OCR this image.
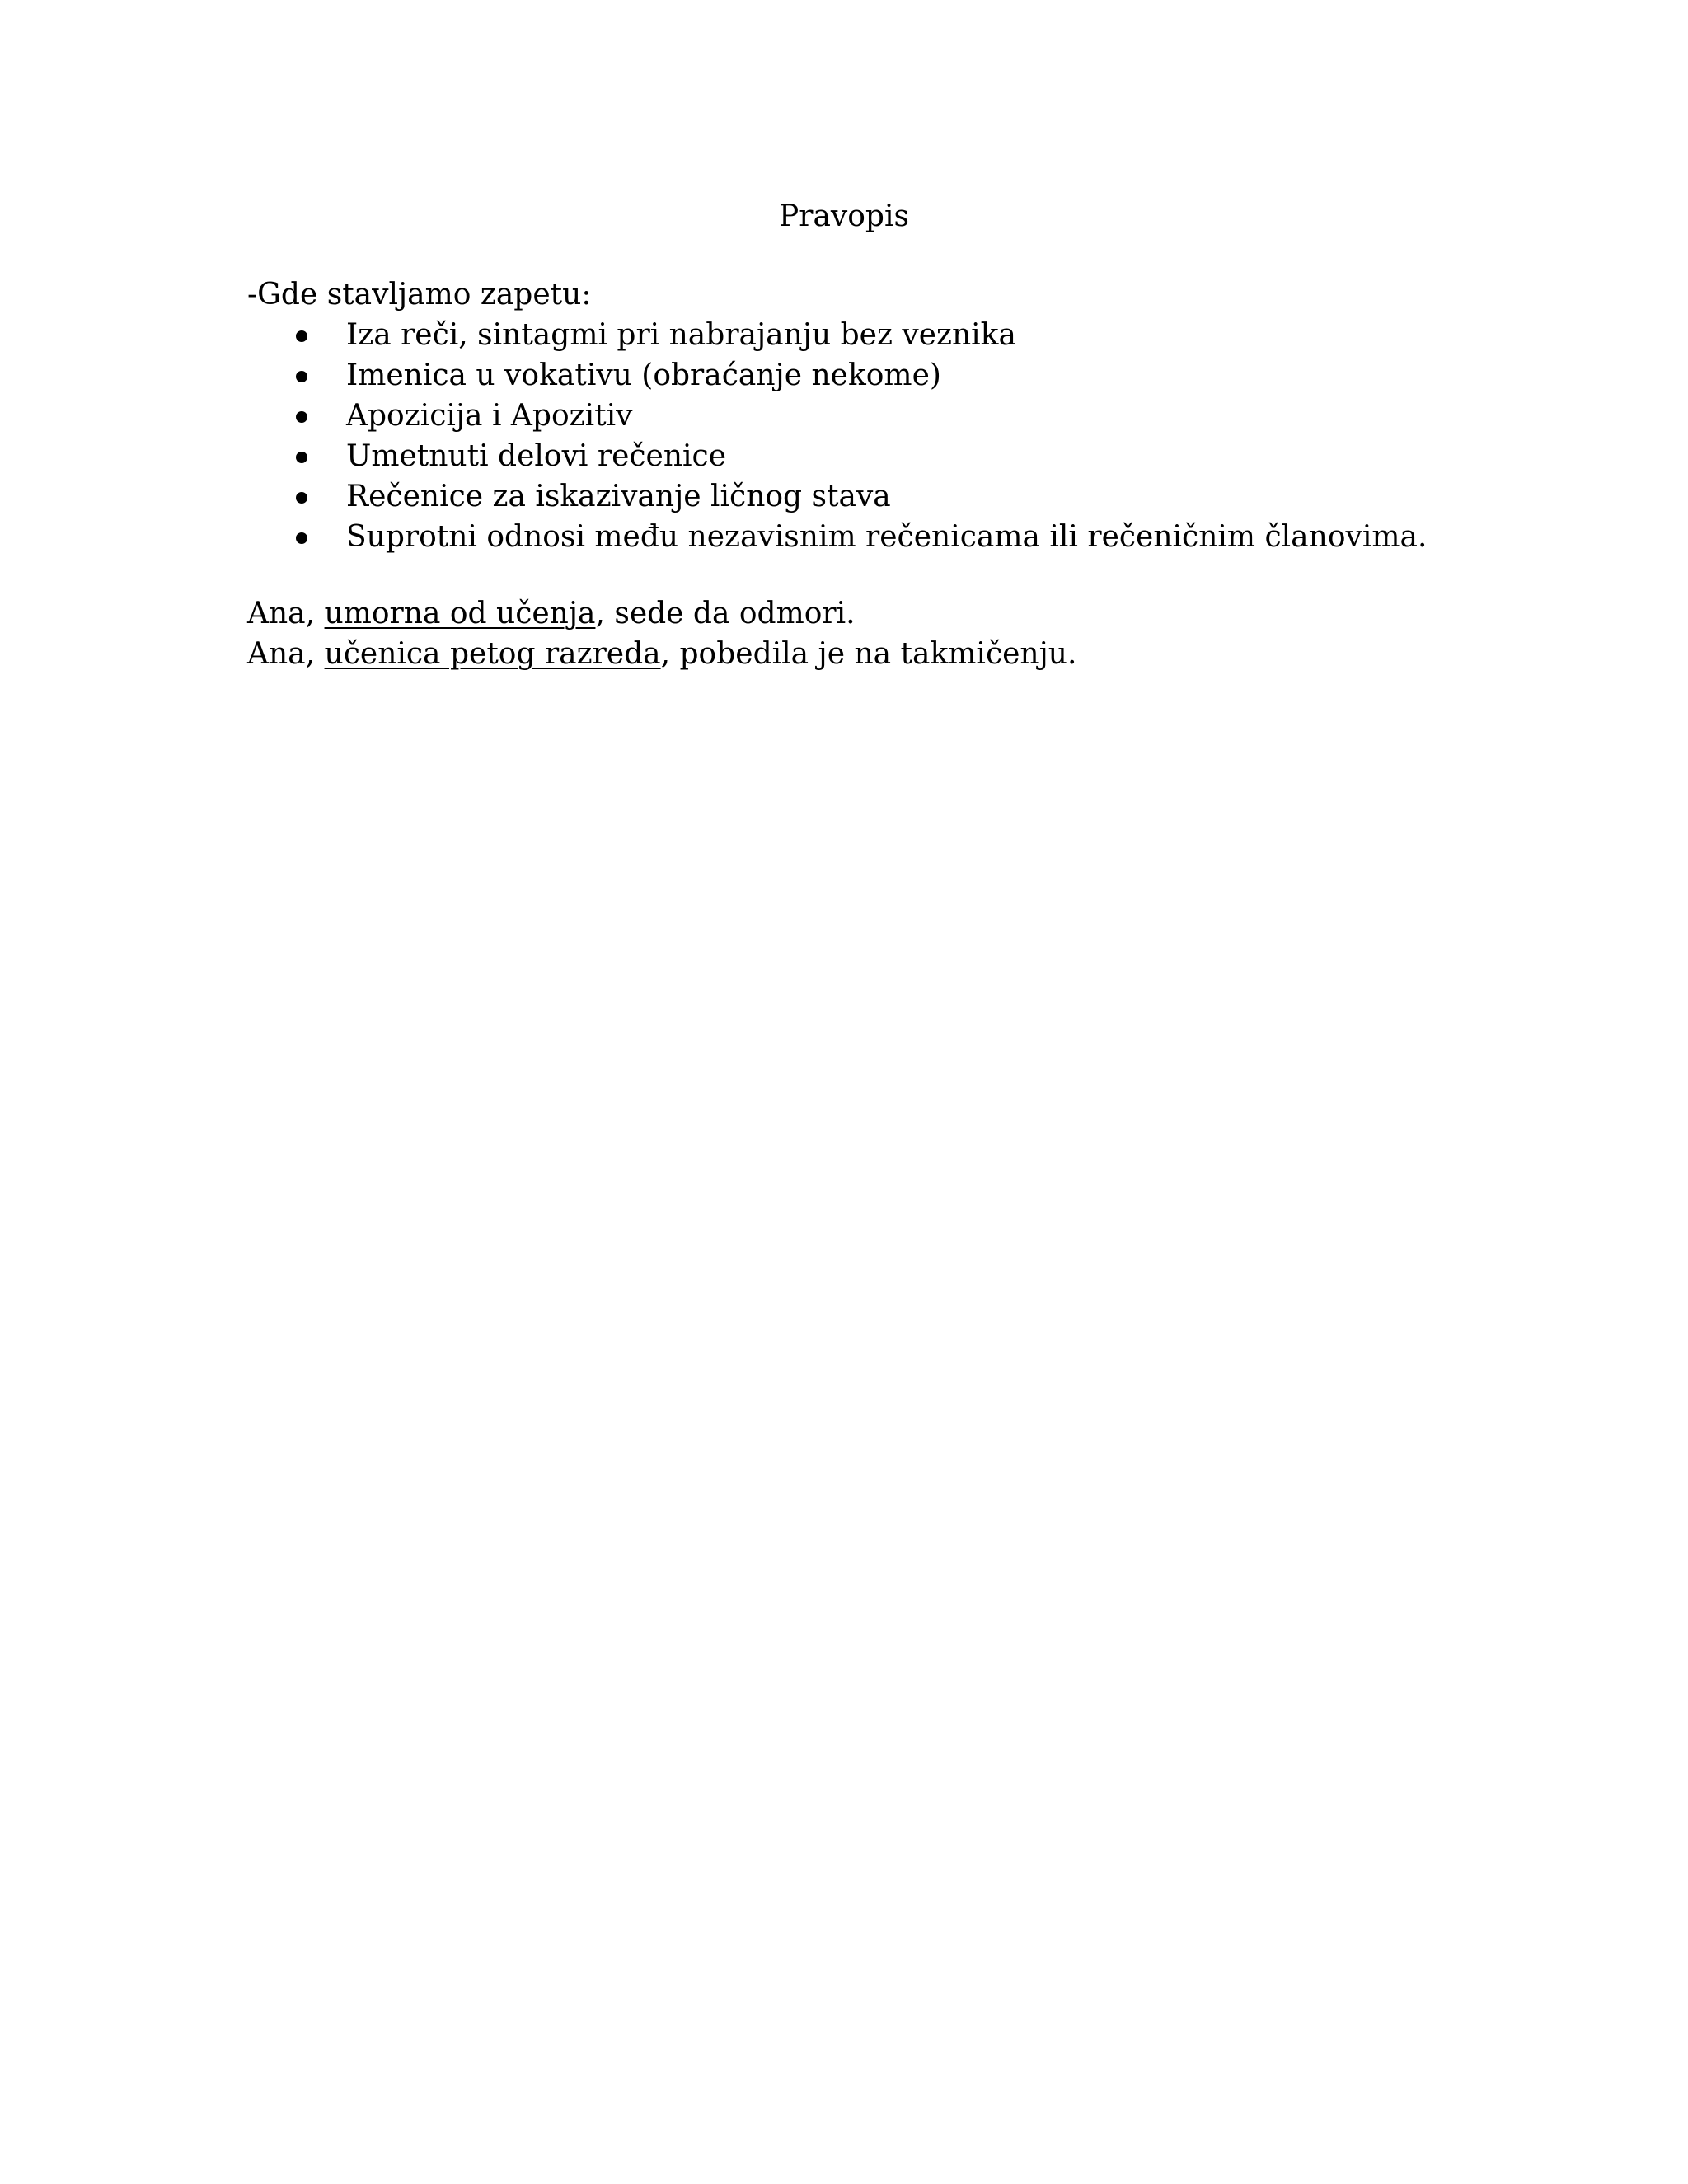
Pravopis

-Gde stavljamo zapetu:

Iza reči, sintagmi pri nabrajanju bez veznika
Imenica u vokativu (obraćanje nekome)
Apozicija i Apozitiv
Umetnuti delovi rečenice
Rečenice za iskazivanje ličnog stava
Suprotni odnosi među nezavisnim rečenicama ili rečeničnim članovima.
Ana, umorna od učenja, sede da odmori.
Ana, učenica petog razreda, pobedila je na takmičenju.
